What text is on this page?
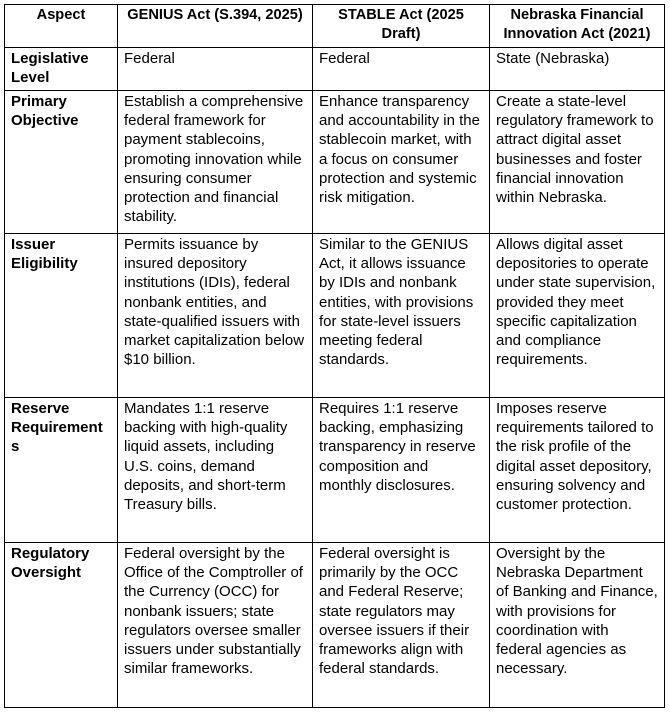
Aspect	GENIUS Act (S.394, 2025)	STABLE Act (2025 Draft)	Nebraska Financial Innovation Act (2021)
Legislative Level	Federal	Federal	State (Nebraska)
Primary Objective	Establish a comprehensive federal framework for payment stablecoins, promoting innovation while ensuring consumer protection and financial stability.	Enhance transparency and accountability in the stablecoin market, with a focus on consumer protection and systemic risk mitigation.	Create a state-level regulatory framework to attract digital asset businesses and foster financial innovation within Nebraska.
Issuer Eligibility	Permits issuance by insured depository institutions (IDIs), federal nonbank entities, and state-qualified issuers with market capitalization below $10 billion.	Similar to the GENIUS Act, it allows issuance by IDIs and nonbank entities, with provisions for state-level issuers meeting federal standards.	Allows digital asset depositories to operate under state supervision, provided they meet specific capitalization and compliance requirements.
Reserve Requirements	Mandates 1:1 reserve backing with high-quality liquid assets, including U.S. coins, demand deposits, and short-term Treasury bills.	Requires 1:1 reserve backing, emphasizing transparency in reserve composition and monthly disclosures.	Imposes reserve requirements tailored to the risk profile of the digital asset depository, ensuring solvency and customer protection.
Regulatory Oversight	Federal oversight by the Office of the Comptroller of the Currency (OCC) for nonbank issuers; state regulators oversee smaller issuers under substantially similar frameworks.	Federal oversight is primarily by the OCC and Federal Reserve; state regulators may oversee issuers if their frameworks align with federal standards.	Oversight by the Nebraska Department of Banking and Finance, with provisions for coordination with federal agencies as necessary.
